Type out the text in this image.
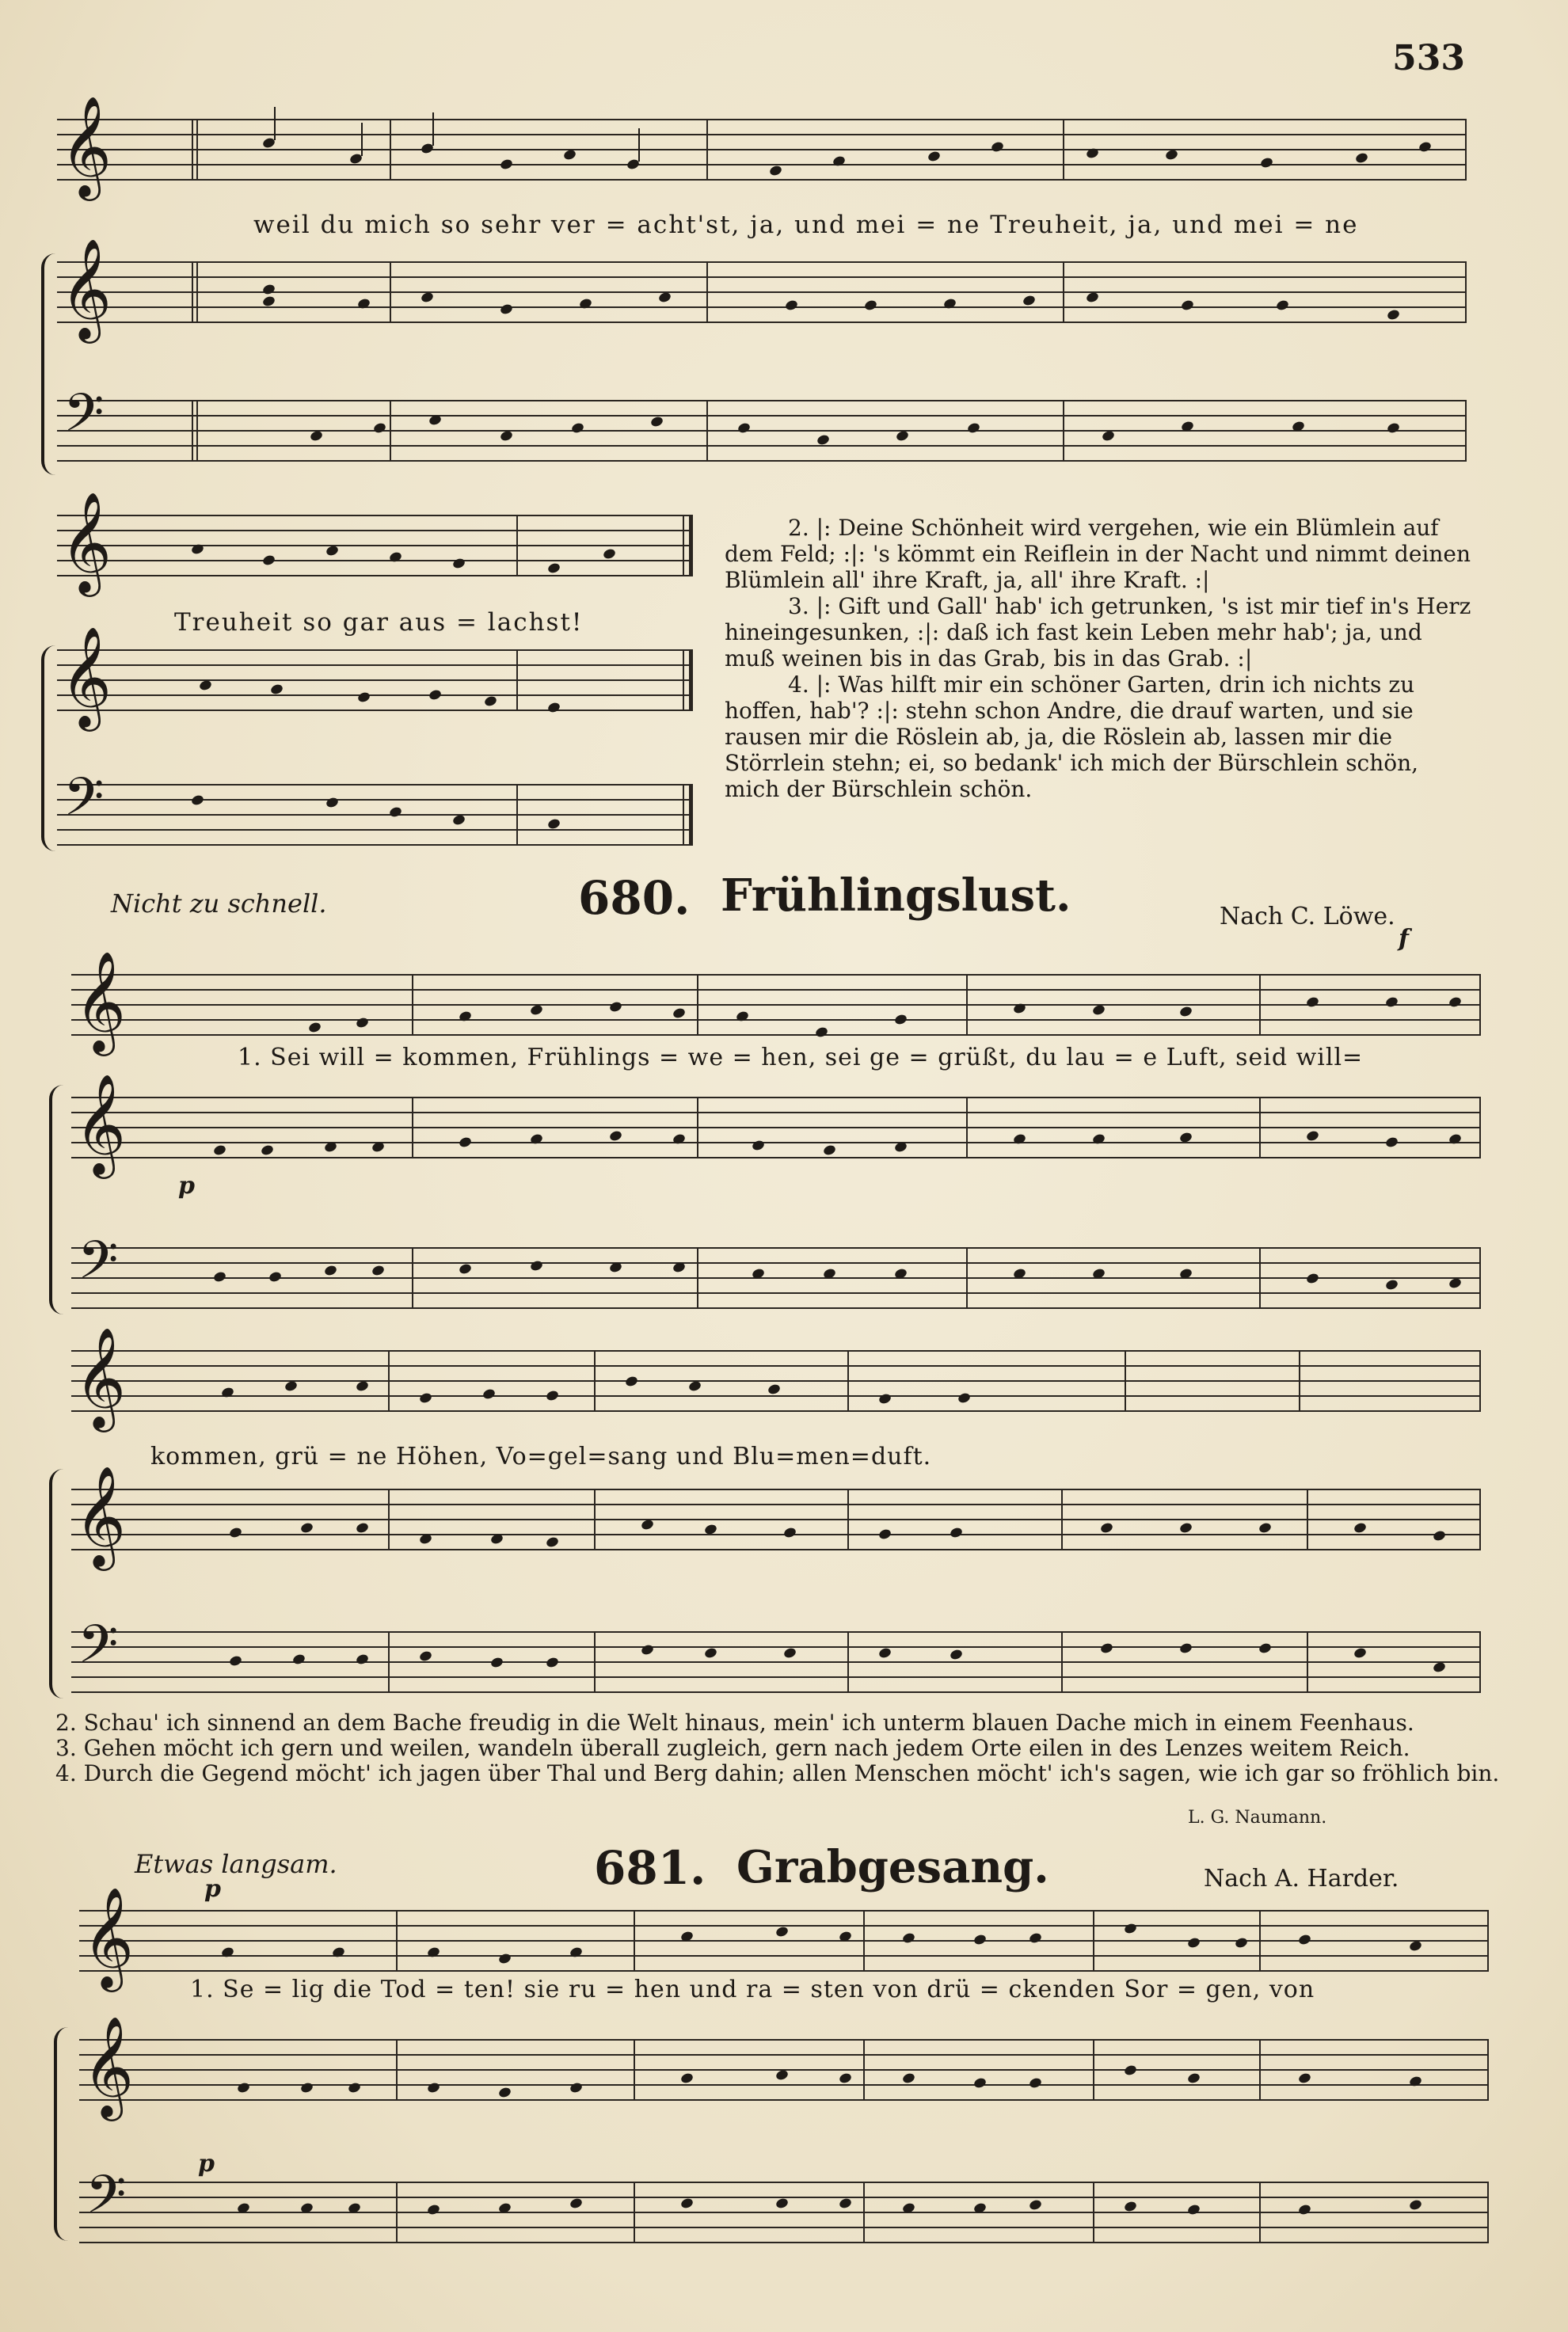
533
𝄞
weil du mich so sehr ver = acht'st, ja, und mei = ne Treuheit, ja, und mei = ne
𝄞
𝄢
𝄞
Treuheit so gar aus = lachst!
𝄞
𝄢

2. |: Deine Schönheit wird vergehen, wie ein Blümlein auf dem Feld; :|: 's kömmt ein Reiflein in der Nacht und nimmt deinen Blümlein all' ihre Kraft, ja, all' ihre Kraft. :|

3. |: Gift und Gall' hab' ich getrunken, 's ist mir tief in's Herz hineingesunken, :|: daß ich fast kein Leben mehr hab'; ja, und muß weinen bis in das Grab, bis in das Grab. :|

4. |: Was hilft mir ein schöner Garten, drin ich nichts zu hoffen, hab'? :|: stehn schon Andre, die drauf warten, und sie rausen mir die Röslein ab, ja, die Röslein ab, lassen mir die Störrlein stehn; ei, so bedank' ich mich der Bürschlein schön, mich der Bürschlein schön.

Nicht zu schnell.	680. Frühlingslust.	Nach C. Löwe.
f
𝄞
1. Sei will = kommen, Frühlings = we = hen, sei ge = grüßt, du lau = e Luft, seid will=
𝄞
p
𝄢
𝄞
kommen, grü = ne Höhen, Vo=gel=sang und Blu=men=duft.
𝄞
𝄢

2. Schau' ich sinnend an dem Bache freudig in die Welt hinaus, mein' ich unterm blauen Dache mich in einem Feenhaus.

3. Gehen möcht ich gern und weilen, wandeln überall zugleich, gern nach jedem Orte eilen in des Lenzes weitem Reich.

4. Durch die Gegend möcht' ich jagen über Thal und Berg dahin; allen Menschen möcht' ich's sagen, wie ich gar so fröhlich bin.

L. G. Naumann.
Etwas langsam.	681. Grabgesang.	Nach A. Harder.
p
𝄞
1. Se = lig die Tod = ten! sie ru = hen und ra = sten von drü = ckenden Sor = gen, von
𝄞
𝄢
p
